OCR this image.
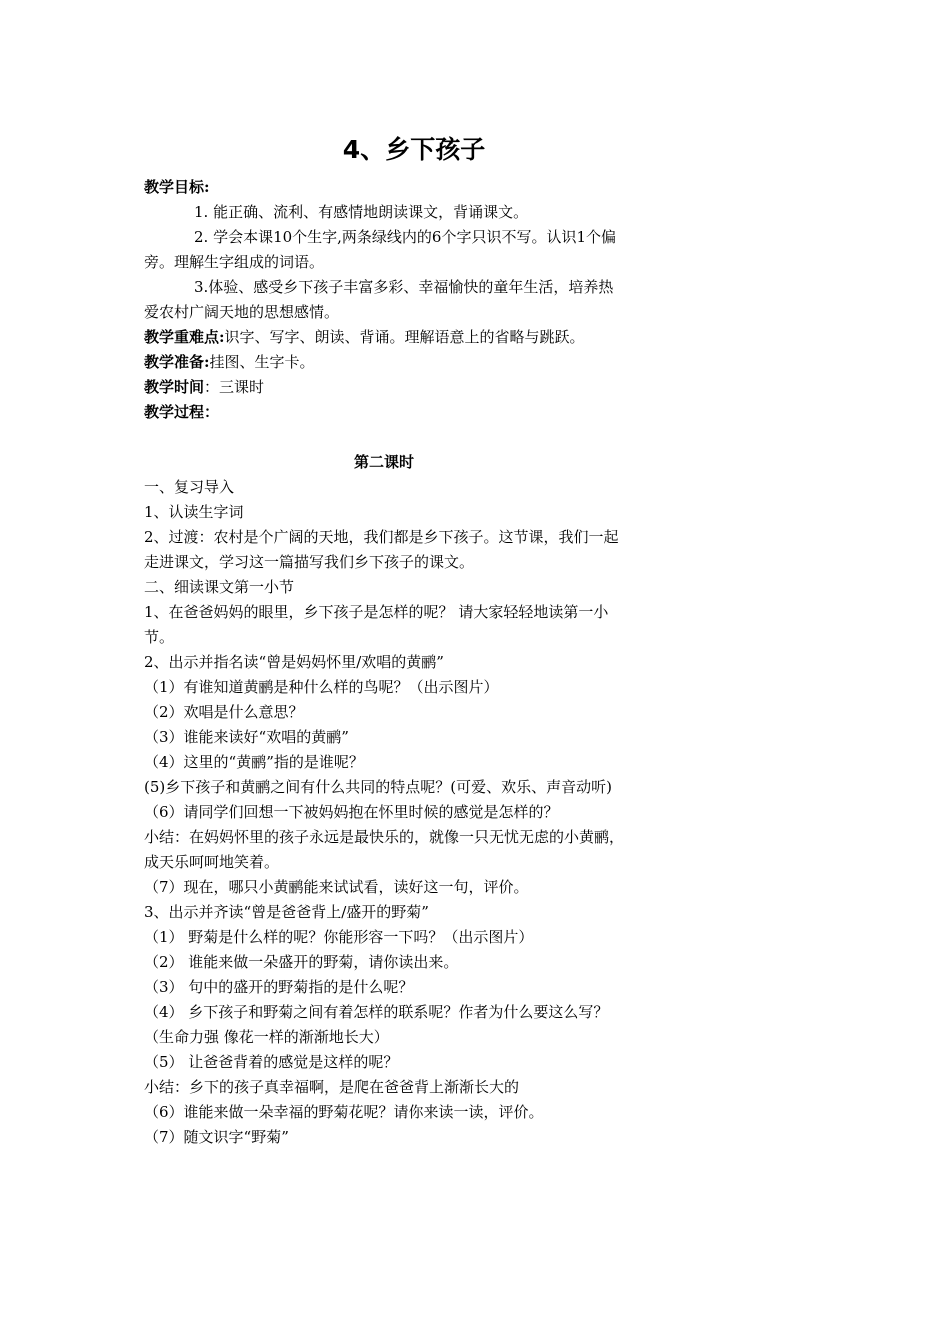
4、乡下孩子

教学目标:

1. 能正确、流利、有感情地朗读课文，背诵课文。

2. 学会本课10个生字,两条绿线内的6个字只识不写。认识1个偏旁。理解生字组成的词语。

3.体验、感受乡下孩子丰富多彩、幸福愉快的童年生活，培养热爱农村广阔天地的思想感情。

教学重难点:识字、写字、朗读、背诵。理解语意上的省略与跳跃。

教学准备:挂图、生字卡。

教学时间：三课时

教学过程：

第二课时

一、复习导入

1、认读生字词

2、过渡：农村是个广阔的天地，我们都是乡下孩子。这节课，我们一起走进课文，学习这一篇描写我们乡下孩子的课文。

二、细读课文第一小节

1、在爸爸妈妈的眼里，乡下孩子是怎样的呢？ 请大家轻轻地读第一小节。

2、出示并指名读“曾是妈妈怀里/欢唱的黄鹂”

（1）有谁知道黄鹂是种什么样的鸟呢？（出示图片）

（2）欢唱是什么意思？

（3）谁能来读好“欢唱的黄鹂”

（4）这里的“黄鹂”指的是谁呢？

(5)乡下孩子和黄鹂之间有什么共同的特点呢？(可爱、欢乐、声音动听)

（6）请同学们回想一下被妈妈抱在怀里时候的感觉是怎样的？

小结：在妈妈怀里的孩子永远是最快乐的，就像一只无忧无虑的小黄鹂，成天乐呵呵地笑着。

（7）现在，哪只小黄鹂能来试试看，读好这一句，评价。

3、出示并齐读“曾是爸爸背上/盛开的野菊”

（1） 野菊是什么样的呢？你能形容一下吗？（出示图片）

（2） 谁能来做一朵盛开的野菊，请你读出来。

（3） 句中的盛开的野菊指的是什么呢？

（4） 乡下孩子和野菊之间有着怎样的联系呢？作者为什么要这么写？

（生命力强 像花一样的渐渐地长大）

（5） 让爸爸背着的感觉是这样的呢？

小结：乡下的孩子真幸福啊，是爬在爸爸背上渐渐长大的

（6）谁能来做一朵幸福的野菊花呢？请你来读一读，评价。

（7）随文识字“野菊”
